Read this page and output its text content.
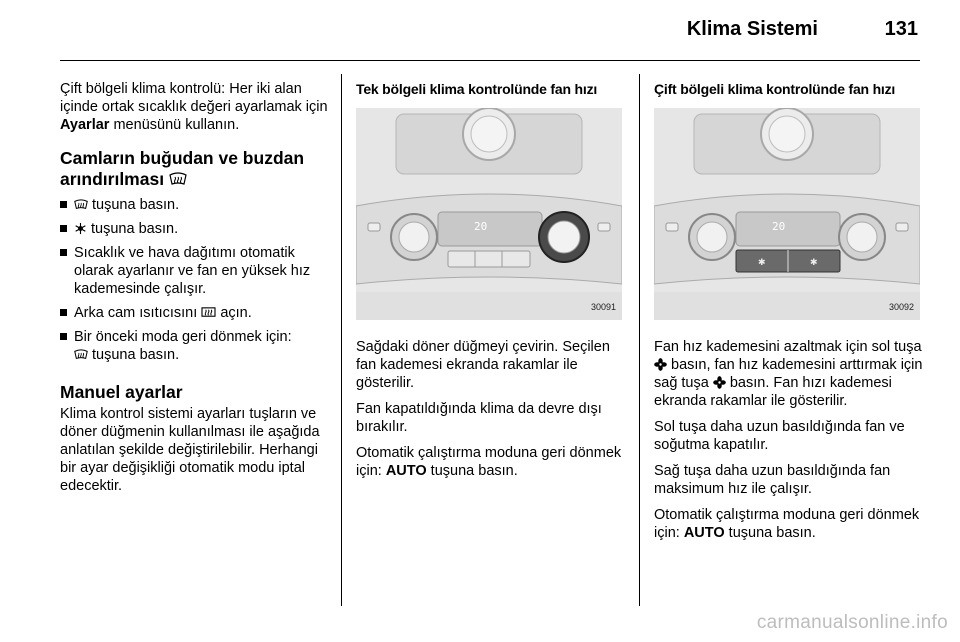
Klima Sistemi	131

Çift bölgeli klima kontrolü: Her iki alan içinde ortak sıcaklık değeri ayarlamak için Ayarlar menüsünü kullanın.

Camların buğudan ve buzdan arındırılması
tuşuna basın.
tuşuna basın.
Sıcaklık ve hava dağıtımı otomatik olarak ayarlanır ve fan en yüksek hız kademesinde çalışır.
Arka cam ısıtıcısını  açın.
Bir önceki moda geri dönmek için:
tuşuna basın.
Manuel ayarlar

Klima kontrol sistemi ayarları tuşların ve döner düğmenin kullanılması ile aşağıda anlatılan şekilde değiştirilebilir. Herhangi bir ayar değişikliği otomatik modu iptal edecektir.

Tek bölgeli klima kontrolünde fan hızı
20
30091

Sağdaki döner düğmeyi çevirin. Seçilen fan kademesi ekranda rakamlar ile gösterilir.

Fan kapatıldığında klima da devre dışı bırakılır.

Otomatik çalıştırma moduna geri dönmek için: AUTO tuşuna basın.

Çift bölgeli klima kontrolünde fan hızı
20
✱	✱
30092

Fan hız kademesini azaltmak için sol tuşa  basın, fan hız kademesini arttırmak için sağ tuşa  basın. Fan hızı kademesi ekranda rakamlar ile gösterilir.

Sol tuşa daha uzun basıldığında fan ve soğutma kapatılır.

Sağ tuşa daha uzun basıldığında fan maksimum hız ile çalışır.

Otomatik çalıştırma moduna geri dönmek için: AUTO tuşuna basın.

carmanualsonline.info
